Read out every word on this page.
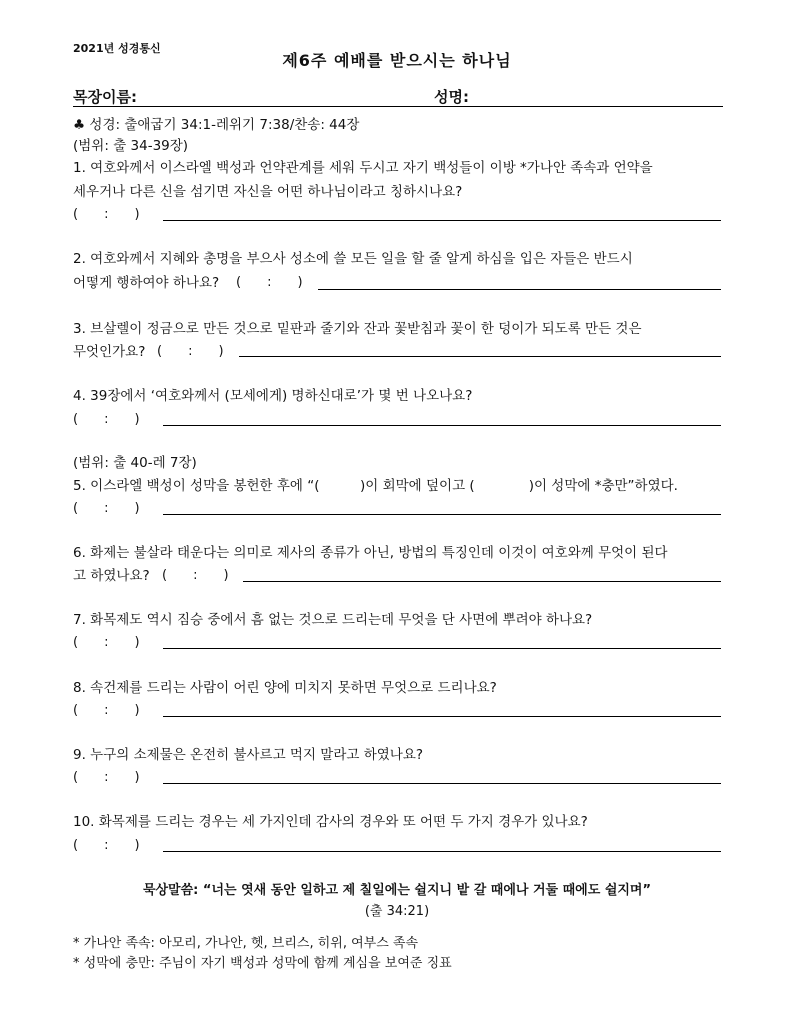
2021년 성경통신
제6주 예배를 받으시는 하나님
목장이름:	성명:
♣ 성경: 출애굽기 34:1-레위기 7:38/찬송: 44장
(범위: 출 34-39장)
1. 여호와께서 이스라엘 백성과 언약관계를 세워 두시고 자기 백성들이 이방 *가나안 족속과 언약을
세우거나 다른 신을 섬기면 자신을 어떤 하나님이라고 칭하시나요?
(　　:　　)
2. 여호와께서 지혜와 총명을 부으사 성소에 쓸 모든 일을 할 줄 알게 하심을 입은 자들은 반드시
어떻게 행하여야 하나요? (　　:　　)
3. 브살렐이 정금으로 만든 것으로 밑판과 줄기와 잔과 꽃받침과 꽃이 한 덩이가 되도록 만든 것은
무엇인가요? (　　:　　)
4. 39장에서 ‘여호와께서 (모세에게) 명하신대로’가 몇 번 나오나요?
(　　:　　)
(범위: 출 40-레 7장)
5. 이스라엘 백성이 성막을 봉헌한 후에 “(　　　)이 회막에 덮이고 (　　　　)이 성막에 *충만”하였다.
(　　:　　)
6. 화제는 불살라 태운다는 의미로 제사의 종류가 아닌, 방법의 특징인데 이것이 여호와께 무엇이 된다
고 하였나요? (　　:　　)
7. 화목제도 역시 짐승 중에서 흠 없는 것으로 드리는데 무엇을 단 사면에 뿌려야 하나요?
(　　:　　)
8. 속건제를 드리는 사람이 어린 양에 미치지 못하면 무엇으로 드리나요?
(　　:　　)
9. 누구의 소제물은 온전히 불사르고 먹지 말라고 하였나요?
(　　:　　)
10. 화목제를 드리는 경우는 세 가지인데 감사의 경우와 또 어떤 두 가지 경우가 있나요?
(　　:　　)
묵상말씀: “너는 엿새 동안 일하고 제 칠일에는 쉴지니 밭 갈 때에나 거둘 때에도 쉴지며”
(출 34:21)
* 가나안 족속: 아모리, 가나안, 헷, 브리스, 히위, 여부스 족속
* 성막에 충만: 주님이 자기 백성과 성막에 함께 계심을 보여준 징표
